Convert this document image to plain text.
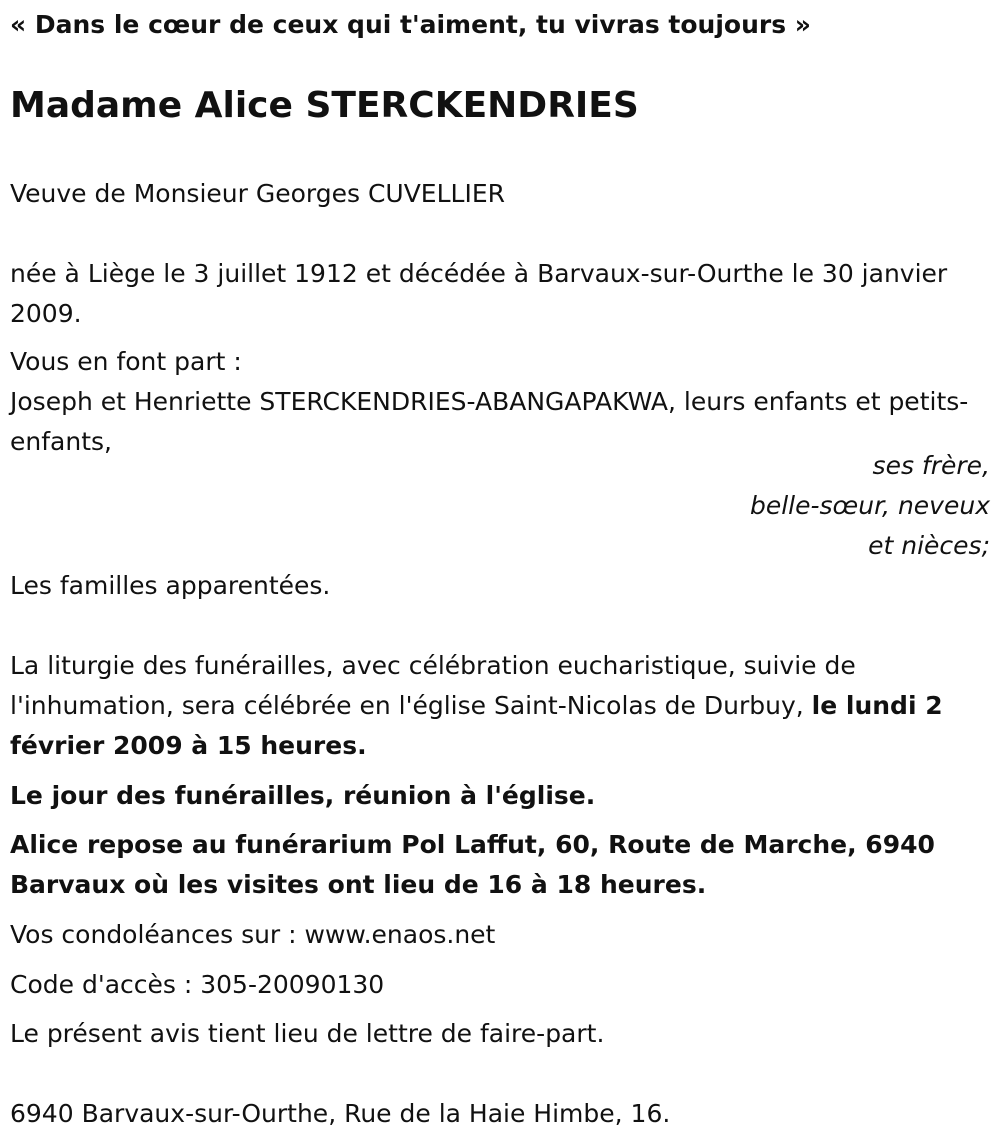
« Dans le cœur de ceux qui t'aiment, tu vivras toujours »

Madame Alice STERCKENDRIES

Veuve de Monsieur Georges CUVELLIER

née à Liège le 3 juillet 1912 et décédée à Barvaux-sur-Ourthe le 30 janvier 2009.

Vous en font part :

Joseph et Henriette STERCKENDRIES-ABANGAPAKWA, leurs enfants et petits-enfants,

ses frère,

belle-sœur, neveux

et nièces;

Les familles apparentées.

La liturgie des funérailles, avec célébration eucharistique, suivie de l'inhumation, sera célébrée en l'église Saint-Nicolas de Durbuy, le lundi 2 février 2009 à 15 heures.

Le jour des funérailles, réunion à l'église.

Alice repose au funérarium Pol Laffut, 60, Route de Marche, 6940 Barvaux où les visites ont lieu de 16 à 18 heures.

Vos condoléances sur : www.enaos.net

Code d'accès : 305-20090130

Le présent avis tient lieu de lettre de faire-part.

6940 Barvaux-sur-Ourthe, Rue de la Haie Himbe, 16.
